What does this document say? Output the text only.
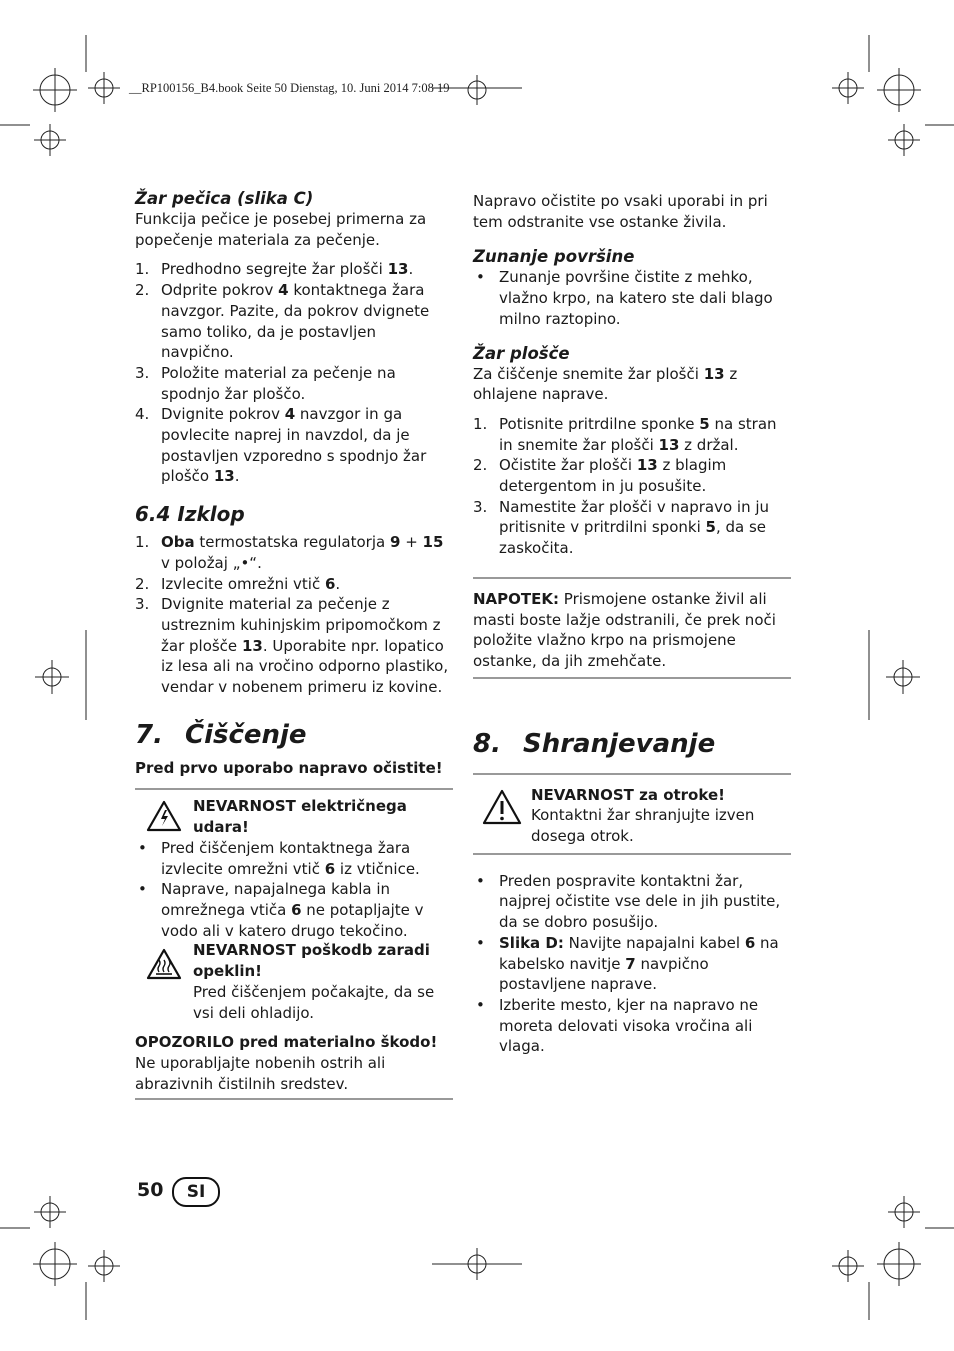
__RP100156_B4.book Seite 50 Dienstag, 10. Juni 2014 7:08 19

Žar pečica (slika C)

Funkcija pečice je posebej primerna za popečenje materiala za pečenje.

1. Predhodno segrejte žar plošči 13.
2. Odprite pokrov 4 kontaktnega žara navzgor. Pazite, da pokrov dvignete samo toliko, da je postavljen navpično.
3. Položite material za pečenje na spodnjo žar ploščo.
4. Dvignite pokrov 4 navzgor in ga povlecite naprej in navzdol, da je postavljen vzporedno s spodnjo žar ploščo 13.

6.4 Izklop

1. Oba termostatska regulatorja 9 + 15 v položaj „•“.
2. Izvlecite omrežni vtič 6.
3. Dvignite material za pečenje z ustreznim kuhinjskim pripomočkom z žar plošče 13. Uporabite npr. lopatico iz lesa ali na vročino odporno plastiko, vendar v nobenem primeru iz kovine.
7. Čiščenje

Pred prvo uporabo napravo očistite!

NEVARNOST električnega udara!
• Pred čiščenjem kontaktnega žara izvlecite omrežni vtič 6 iz vtičnice.
• Naprave, napajalnega kabla in omrežnega vtiča 6 ne potapljajte v vodo ali v katero drugo tekočino.
NEVARNOST poškodb zaradi opeklin!

Pred čiščenjem počakajte, da se vsi deli ohladijo.

OPOZORILO pred materialno škodo!

Ne uporabljajte nobenih ostrih ali abrazivnih čistilnih sredstev.

Napravo očistite po vsaki uporabi in pri tem odstranite vse ostanke živila.

Zunanje površine

• Zunanje površine čistite z mehko, vlažno krpo, na katero ste dali blago milno raztopino.

Žar plošče

Za čiščenje snemite žar plošči 13 z ohlajene naprave.

1. Potisnite pritrdilne sponke 5 na stran in snemite žar plošči 13 z držal.
2. Očistite žar plošči 13 z blagim detergentom in ju posušite.
3. Namestite žar plošči v napravo in ju pritisnite v pritrdilni sponki 5, da se zaskočita.

NAPOTEK: Prismojene ostanke živil ali masti boste lažje odstranili, če prek noči položite vlažno krpo na prismojene ostanke, da jih zmehčate.

8. Shranjevanje
NEVARNOST za otroke!

Kontaktni žar shranjujte izven dosega otrok.

• Preden pospravite kontaktni žar, najprej očistite vse dele in jih pustite, da se dobro posušijo.
• Slika D: Navijte napajalni kabel 6 na kabelsko navitje 7 navpično postavljene naprave.
• Izberite mesto, kjer na napravo ne moreta delovati visoka vročina ali vlaga.
50	SI
